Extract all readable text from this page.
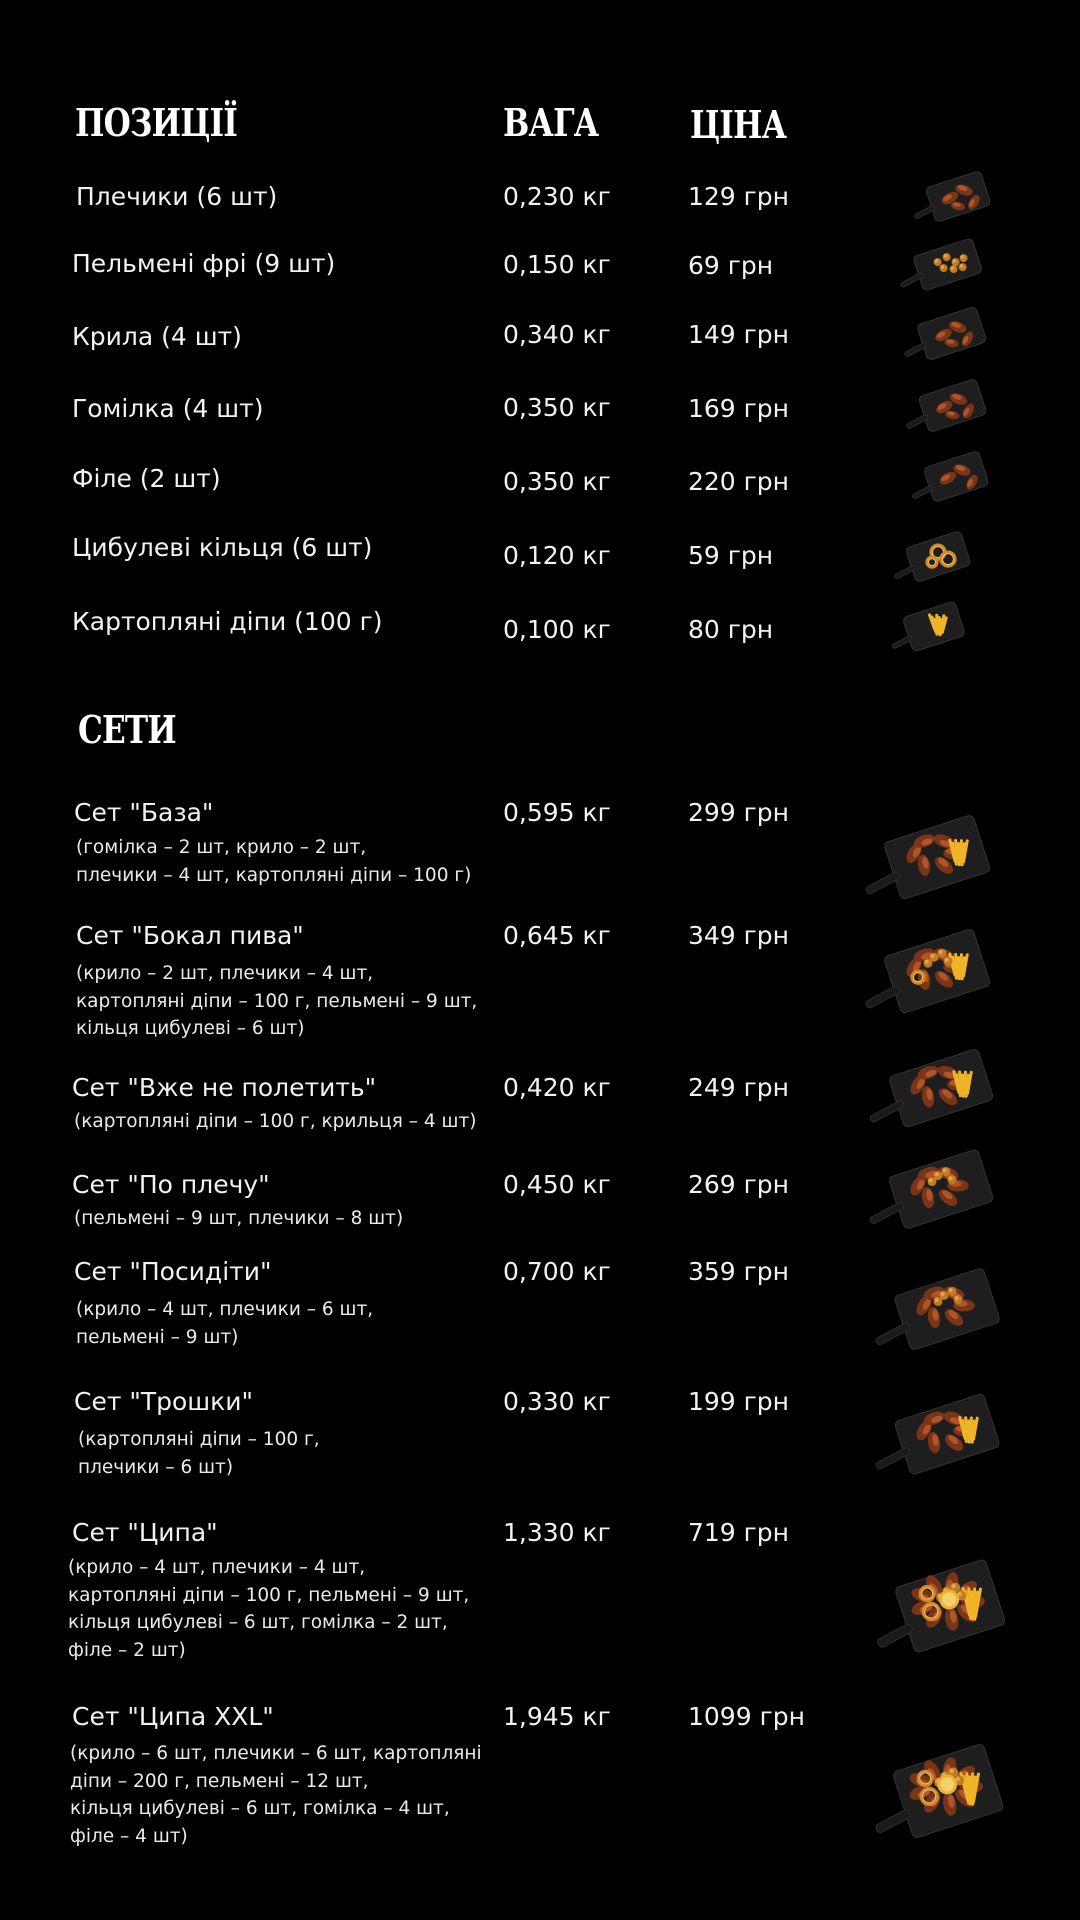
ПОЗИЦІЇ	ВАГА ЦІНА
СЕТИ
Плечики (6 шт)	0,230 кг	129 грн
Пельмені фрі (9 шт)	0,150 кг	69 грн
Крила (4 шт)	0,340 кг	149 грн
Гомілка (4 шт)	0,350 кг	169 грн
Філе (2 шт)	0,350 кг	220 грн
Цибулеві кільця (6 шт)	0,120 кг	59 грн
Картопляні діпи (100 г)	0,100 кг	80 грн
Сет "База"
(гомілка – 2 шт, крило – 2 шт,
плечики – 4 шт, картопляні діпи – 100 г)
0,595 кг	299 грн
Сет "Бокал пива"
(крило – 2 шт, плечики – 4 шт,
картопляні діпи – 100 г, пельмені – 9 шт,
кільця цибулеві – 6 шт)
0,645 кг	349 грн
Сет "Вже не полетить"
(картопляні діпи – 100 г, крильця – 4 шт)
0,420 кг	249 грн
Сет "По плечу"
(пельмені – 9 шт, плечики – 8 шт)
0,450 кг	269 грн
Сет "Посидіти"
(крило – 4 шт, плечики – 6 шт,
пельмені – 9 шт)
0,700 кг	359 грн
Сет "Трошки"
(картопляні діпи – 100 г,
плечики – 6 шт)
0,330 кг	199 грн
Сет "Ципа"
(крило – 4 шт, плечики – 4 шт,
картопляні діпи – 100 г, пельмені – 9 шт,
кільця цибулеві – 6 шт, гомілка – 2 шт,
філе – 2 шт)
1,330 кг	719 грн
Сет "Ципа XXL"
(крило – 6 шт, плечики – 6 шт, картопляні
діпи – 200 г, пельмені – 12 шт,
кільця цибулеві – 6 шт, гомілка – 4 шт,
філе – 4 шт)
1,945 кг	1099 грн
